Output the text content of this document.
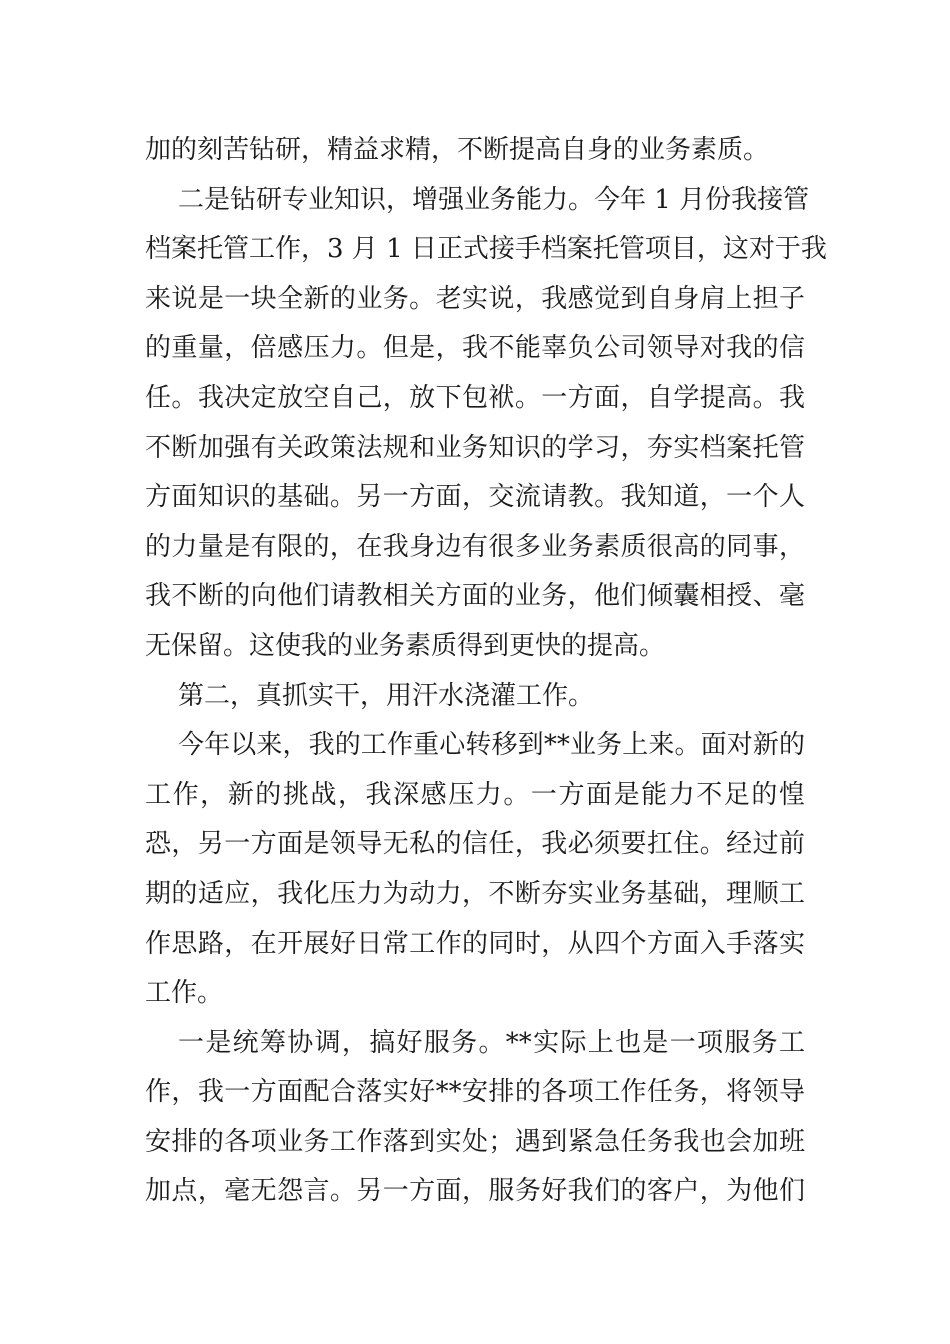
加的刻苦钻研，精益求精，不断提高自身的业务素质。
二是钻研专业知识，增强业务能力。今年 1 月份我接管
档案托管工作，3 月 1 日正式接手档案托管项目，这对于我
来说是一块全新的业务。老实说，我感觉到自身肩上担子
的重量，倍感压力。但是，我不能辜负公司领导对我的信
任。我决定放空自己，放下包袱。一方面，自学提高。我
不断加强有关政策法规和业务知识的学习，夯实档案托管
方面知识的基础。另一方面，交流请教。我知道，一个人
的力量是有限的，在我身边有很多业务素质很高的同事，
我不断的向他们请教相关方面的业务，他们倾囊相授、毫
无保留。这使我的业务素质得到更快的提高。
第二，真抓实干，用汗水浇灌工作。
今年以来，我的工作重心转移到**业务上来。面对新的
工作，新的挑战，我深感压力。一方面是能力不足的惶
恐，另一方面是领导无私的信任，我必须要扛住。经过前
期的适应，我化压力为动力，不断夯实业务基础，理顺工
作思路，在开展好日常工作的同时，从四个方面入手落实
工作。
一是统筹协调，搞好服务。**实际上也是一项服务工
作，我一方面配合落实好**安排的各项工作任务，将领导
安排的各项业务工作落到实处；遇到紧急任务我也会加班
加点，毫无怨言。另一方面，服务好我们的客户，为他们
